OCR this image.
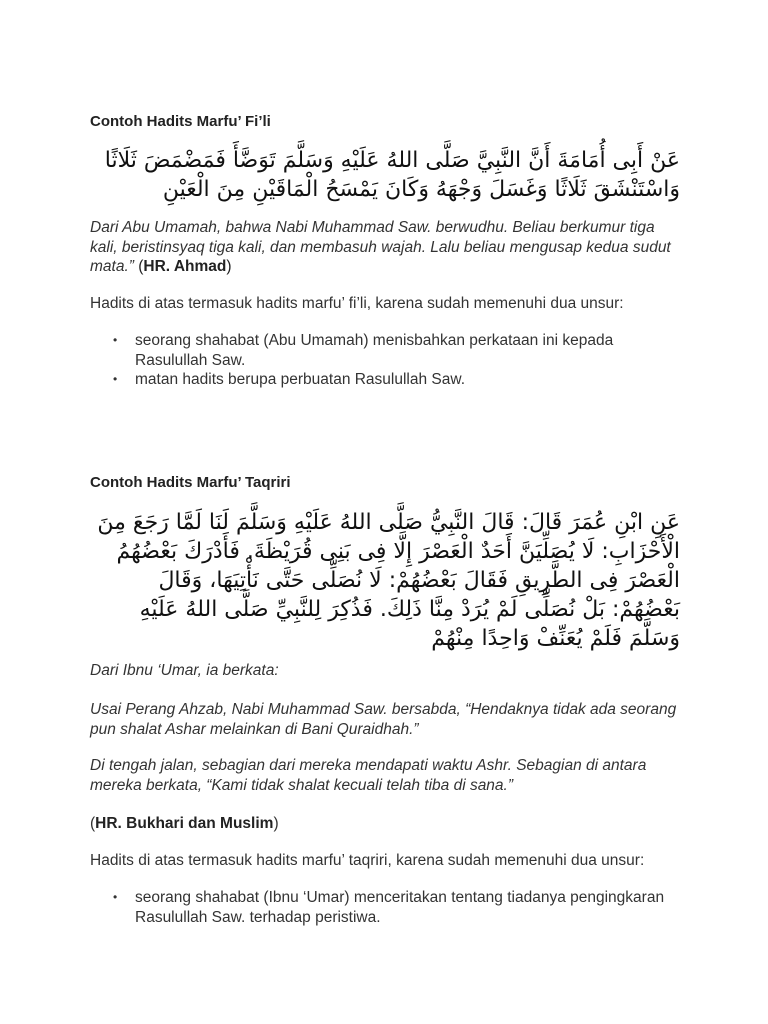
Contoh Hadits Marfu’ Fi’li

عَنْ أَبِى أُمَامَةَ أَنَّ النَّبِيَّ صَلَّى اللهُ عَلَيْهِ وَسَلَّمَ تَوَضَّأَ فَمَضْمَضَ ثَلَاثًا وَاسْتَنْشَقَ ثَلَاثًا وَغَسَلَ وَجْهَهُ وَكَانَ يَمْسَحُ الْمَاقَيْنِ مِنَ الْعَيْنِ

Dari Abu Umamah, bahwa Nabi Muhammad Saw. berwudhu. Beliau berkumur tiga kali, beristinsyaq tiga kali, dan membasuh wajah. Lalu beliau mengusap kedua sudut mata.” (HR. Ahmad)

Hadits di atas termasuk hadits marfu’ fi’li, karena sudah memenuhi dua unsur:

• seorang shahabat (Abu Umamah) menisbahkan perkataan ini kepada Rasulullah Saw.
• matan hadits berupa perbuatan Rasulullah Saw.
Contoh Hadits Marfu’ Taqriri

عَنِ ابْنِ عُمَرَ قَالَ: قَالَ النَّبِيُّ صَلَّى اللهُ عَلَيْهِ وَسَلَّمَ لَنَا لَمَّا رَجَعَ مِنَ الْأَحْزَابِ: لَا يُصَلِّيَنَّ أَحَدٌ الْعَصْرَ إِلَّا فِى بَنِى قُرَيْظَةَ. فَأَدْرَكَ بَعْضُهُمُ الْعَصْرَ فِى الطَّرِيقِ فَقَالَ بَعْضُهُمْ: لَا نُصَلِّى حَتَّى نَأْتِيَهَا، وَقَالَ بَعْضُهُمْ: بَلْ نُصَلِّى لَمْ يُرَدْ مِنَّا ذَلِكَ. فَذُكِرَ لِلنَّبِيِّ صَلَّى اللهُ عَلَيْهِ وَسَلَّمَ فَلَمْ يُعَنِّفْ وَاحِدًا مِنْهُمْ

Dari Ibnu ‘Umar, ia berkata:

Usai Perang Ahzab, Nabi Muhammad Saw. bersabda, “Hendaknya tidak ada seorang pun shalat Ashar melainkan di Bani Quraidhah.”

Di tengah jalan, sebagian dari mereka mendapati waktu Ashr. Sebagian di antara mereka berkata, “Kami tidak shalat kecuali telah tiba di sana.”

(HR. Bukhari dan Muslim)

Hadits di atas termasuk hadits marfu’ taqriri, karena sudah memenuhi dua unsur:

• seorang shahabat (Ibnu ‘Umar) menceritakan tentang tiadanya pengingkaran Rasulullah Saw. terhadap peristiwa.
